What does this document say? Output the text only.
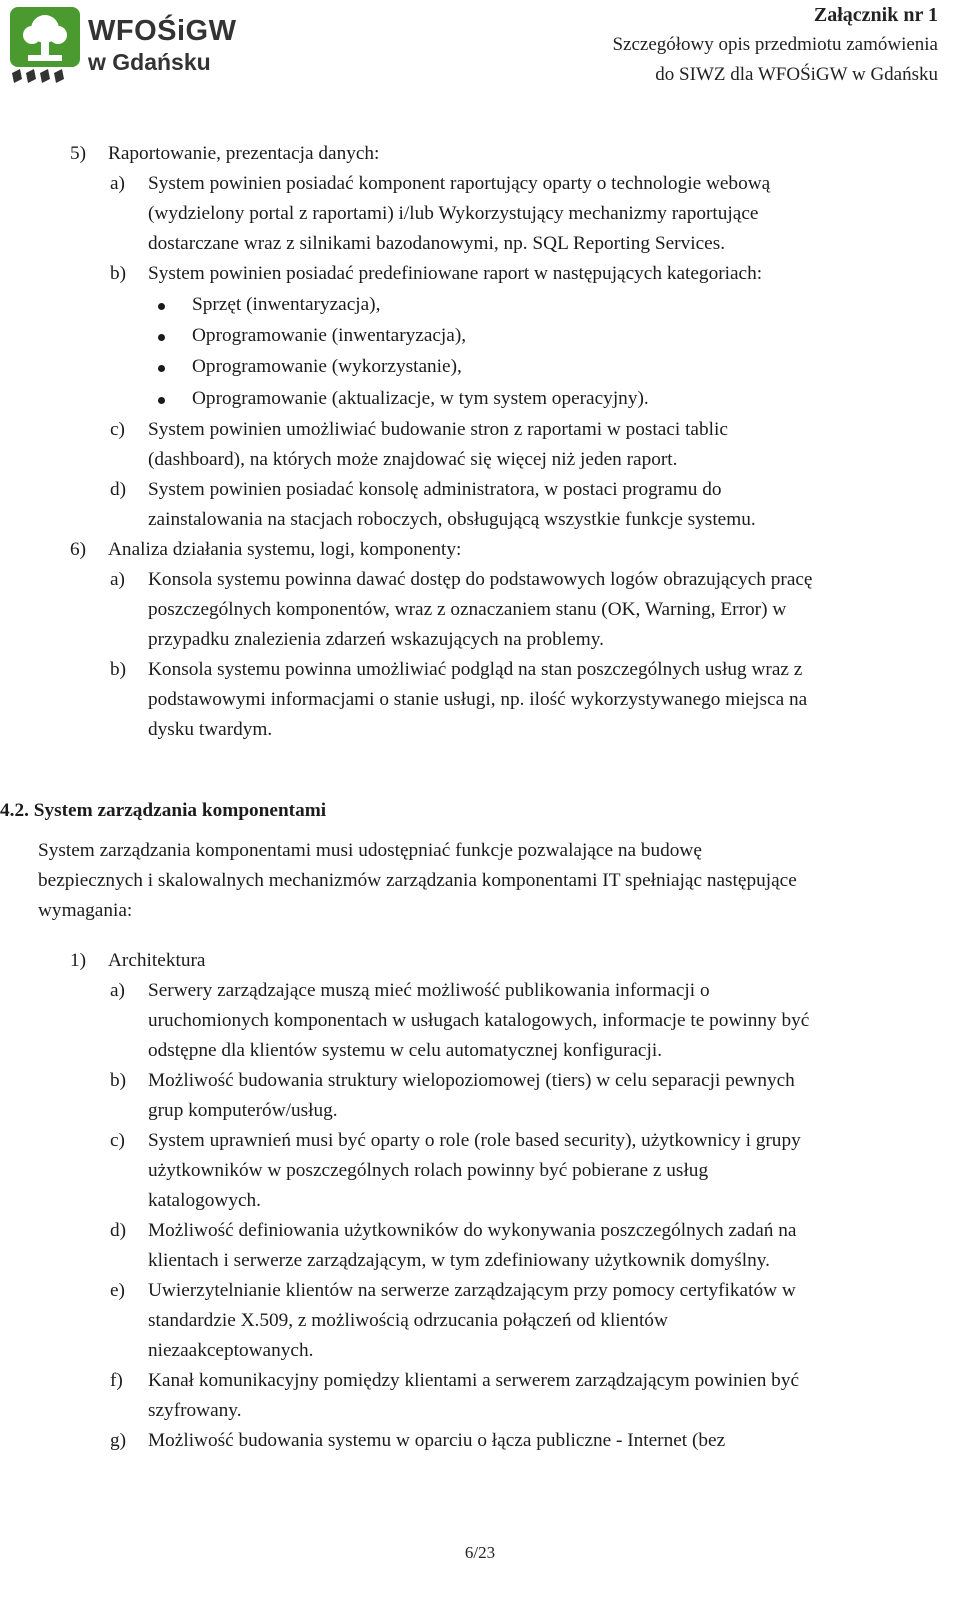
WFOŚiGW
w Gdańsku
Załącznik nr 1
Szczegółowy opis przedmiotu zamówienia
do SIWZ dla WFOŚiGW w Gdańsku
5) Raportowanie, prezentacja danych:
a) System powinien posiadać komponent raportujący oparty o technologie webową
(wydzielony portal z raportami) i/lub Wykorzystujący mechanizmy raportujące
dostarczane wraz z silnikami bazodanowymi, np. SQL Reporting Services.
b) System powinien posiadać predefiniowane raport w następujących kategoriach:
Sprzęt (inwentaryzacja),
Oprogramowanie (inwentaryzacja),
Oprogramowanie (wykorzystanie),
Oprogramowanie (aktualizacje, w tym system operacyjny).
c) System powinien umożliwiać budowanie stron z raportami w postaci tablic
(dashboard), na których może znajdować się więcej niż jeden raport.
d) System powinien posiadać konsolę administratora, w postaci programu do
zainstalowania na stacjach roboczych, obsługującą wszystkie funkcje systemu.
6) Analiza działania systemu, logi, komponenty:
a) Konsola systemu powinna dawać dostęp do podstawowych logów obrazujących pracę
poszczególnych komponentów, wraz z oznaczaniem stanu (OK, Warning, Error) w
przypadku znalezienia zdarzeń wskazujących na problemy.
b) Konsola systemu powinna umożliwiać podgląd na stan poszczególnych usług wraz z
podstawowymi informacjami o stanie usługi, np. ilość wykorzystywanego miejsca na
dysku twardym.
4.2. System zarządzania komponentami
System zarządzania komponentami musi udostępniać funkcje pozwalające na budowę
bezpiecznych i skalowalnych mechanizmów zarządzania komponentami IT spełniając następujące
wymagania:
1) Architektura
a) Serwery zarządzające muszą mieć możliwość publikowania informacji o
uruchomionych komponentach w usługach katalogowych, informacje te powinny być
odstępne dla klientów systemu w celu automatycznej konfiguracji.
b) Możliwość budowania struktury wielopoziomowej (tiers) w celu separacji pewnych
grup komputerów/usług.
c) System uprawnień musi być oparty o role (role based security), użytkownicy i grupy
użytkowników w poszczególnych rolach powinny być pobierane z usług
katalogowych.
d) Możliwość definiowania użytkowników do wykonywania poszczególnych zadań na
klientach i serwerze zarządzającym, w tym zdefiniowany użytkownik domyślny.
e) Uwierzytelnianie klientów na serwerze zarządzającym przy pomocy certyfikatów w
standardzie X.509, z możliwością odrzucania połączeń od klientów
niezaakceptowanych.
f) Kanał komunikacyjny pomiędzy klientami a serwerem zarządzającym powinien być
szyfrowany.
g) Możliwość budowania systemu w oparciu o łącza publiczne - Internet (bez
6/23
